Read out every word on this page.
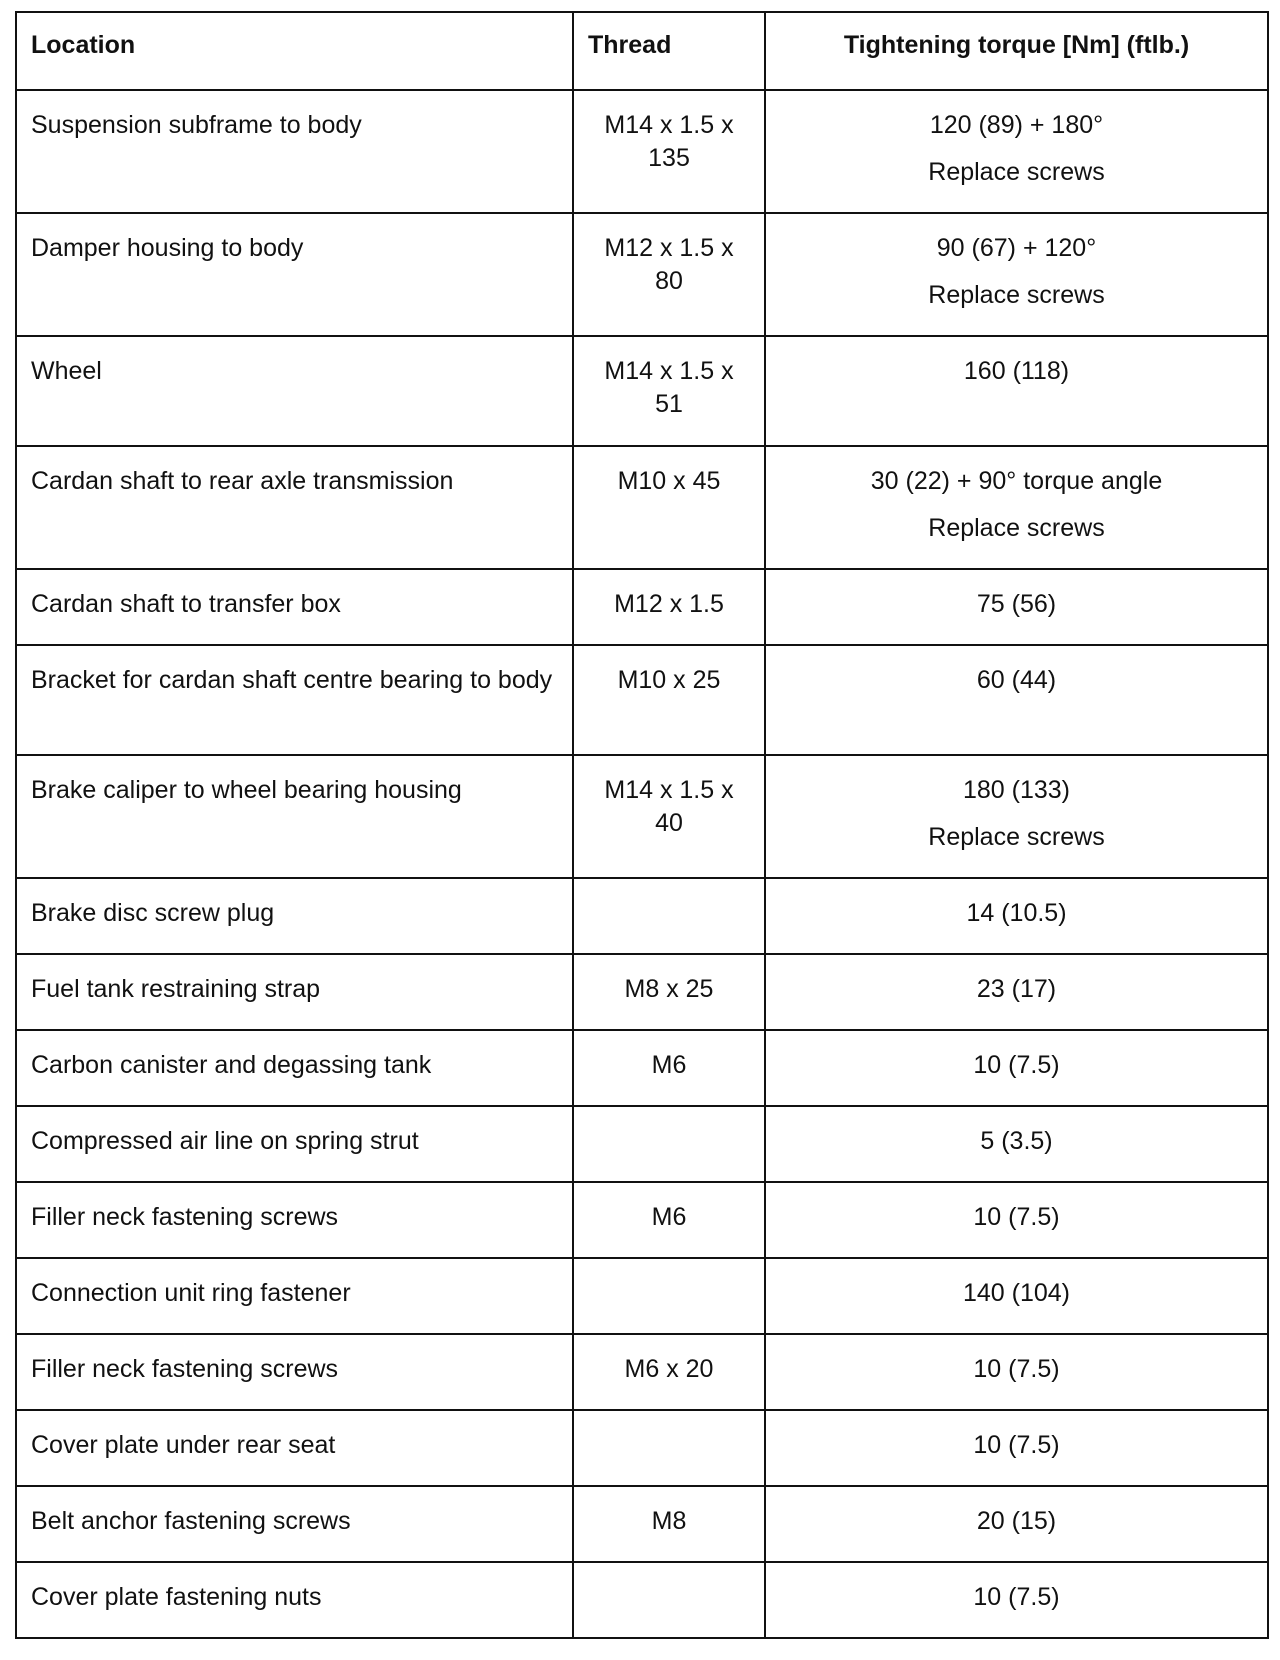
Location	Thread	Tightening torque [Nm] (ftlb.)
Suspension subframe to body	M14 x 1.5 x 135	120 (89) + 180°
Replace screws

Damper housing to body	M12 x 1.5 x 80	90 (67) + 120°
Replace screws

Wheel	M14 x 1.5 x 51	160 (118)

Cardan shaft to rear axle transmission	M10 x 45	30 (22) + 90° torque angle
Replace screws

Cardan shaft to transfer box	M12 x 1.5	75 (56)

Bracket for cardan shaft centre bearing to body	M10 x 25	60 (44)

Brake caliper to wheel bearing housing	M14 x 1.5 x 40	180 (133)
Replace screws

Brake disc screw plug		14 (10.5)

Fuel tank restraining strap	M8 x 25	23 (17)

Carbon canister and degassing tank	M6	10 (7.5)

Compressed air line on spring strut		5 (3.5)

Filler neck fastening screws	M6	10 (7.5)

Connection unit ring fastener		140 (104)

Filler neck fastening screws	M6 x 20	10 (7.5)

Cover plate under rear seat		10 (7.5)

Belt anchor fastening screws	M8	20 (15)

Cover plate fastening nuts		10 (7.5)
